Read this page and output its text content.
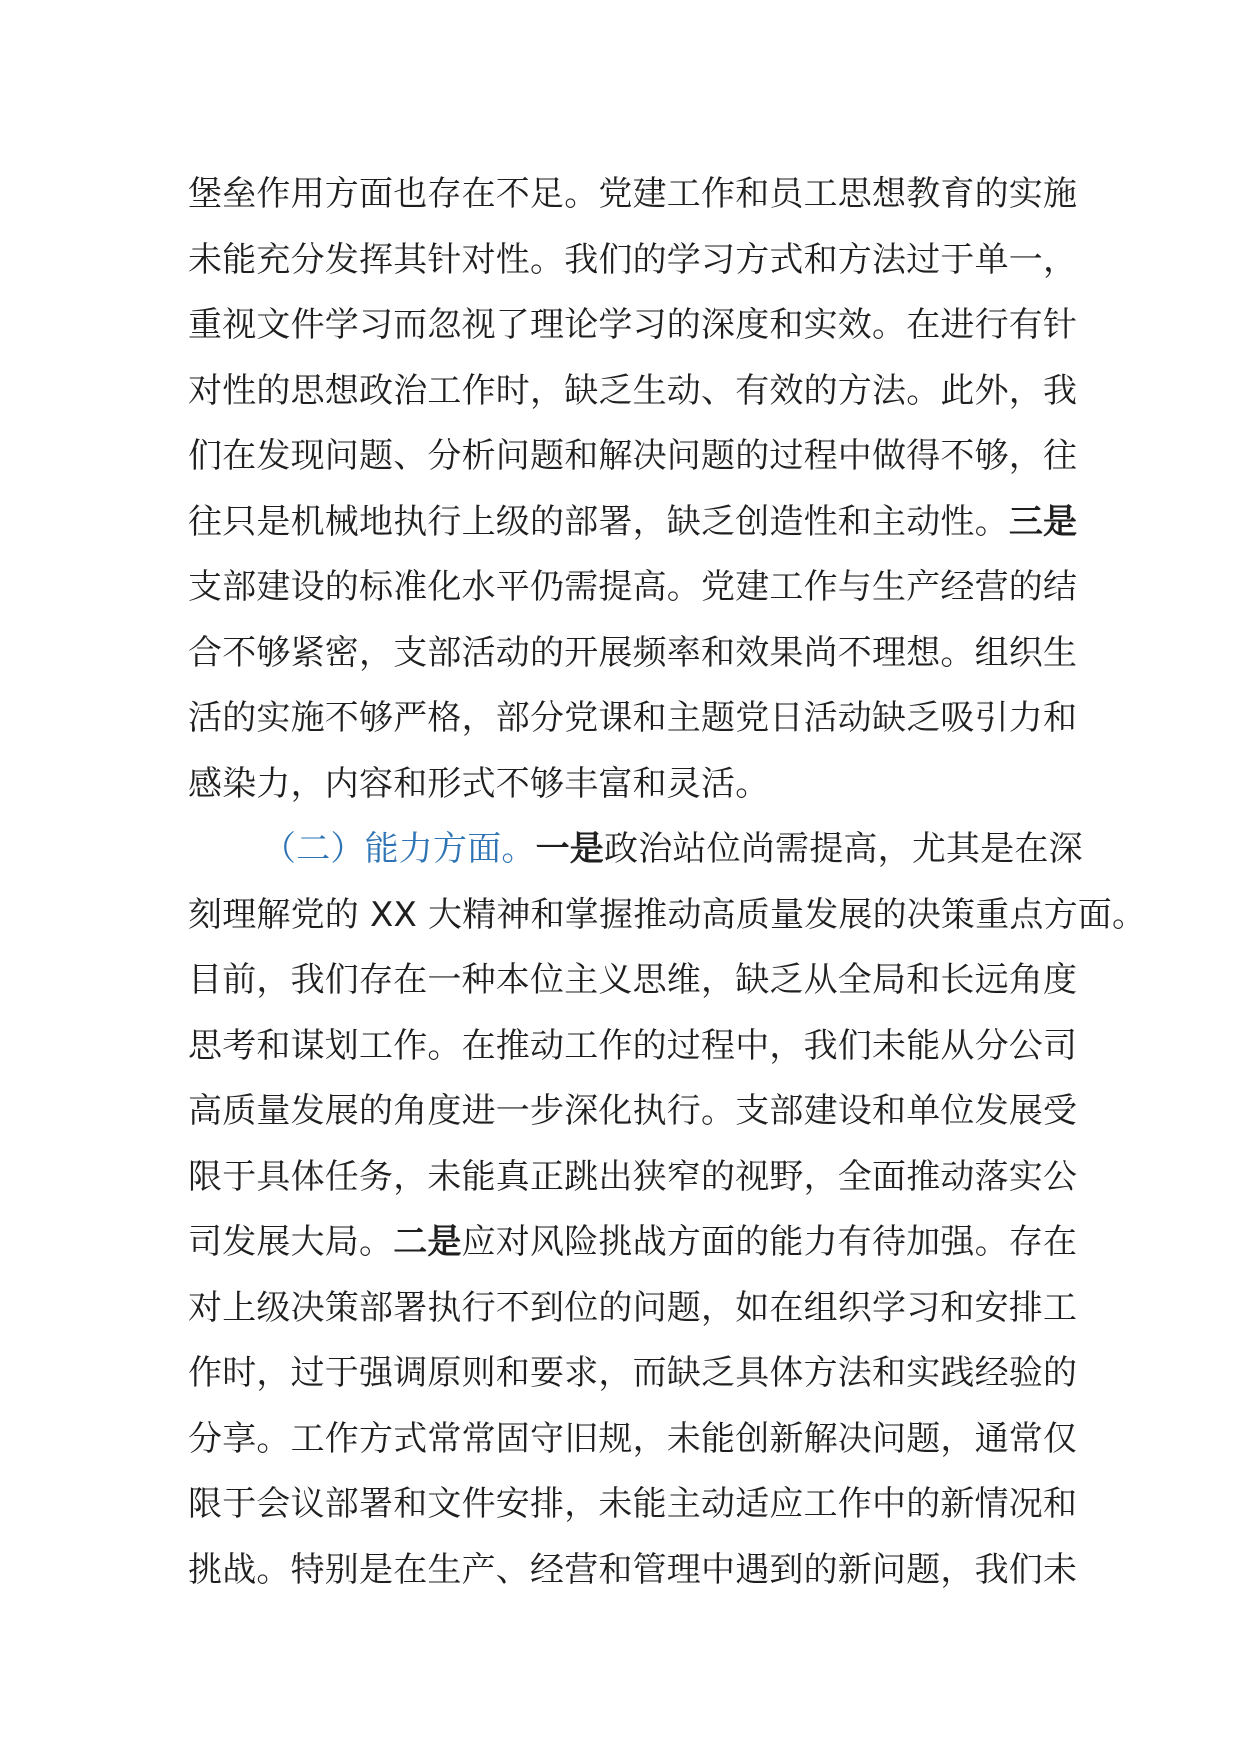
堡垒作用方面也存在不足。党建工作和员工思想教育的实施
未能充分发挥其针对性。我们的学习方式和方法过于单一，
重视文件学习而忽视了理论学习的深度和实效。在进行有针
对性的思想政治工作时，缺乏生动、有效的方法。此外，我
们在发现问题、分析问题和解决问题的过程中做得不够，往
往只是机械地执行上级的部署，缺乏创造性和主动性。三是
支部建设的标准化水平仍需提高。党建工作与生产经营的结
合不够紧密，支部活动的开展频率和效果尚不理想。组织生
活的实施不够严格，部分党课和主题党日活动缺乏吸引力和
感染力，内容和形式不够丰富和灵活。
（二）能力方面。一是政治站位尚需提高，尤其是在深
刻理解党的 XX 大精神和掌握推动高质量发展的决策重点方面。
目前，我们存在一种本位主义思维，缺乏从全局和长远角度
思考和谋划工作。在推动工作的过程中，我们未能从分公司
高质量发展的角度进一步深化执行。支部建设和单位发展受
限于具体任务，未能真正跳出狭窄的视野，全面推动落实公
司发展大局。二是应对风险挑战方面的能力有待加强。存在
对上级决策部署执行不到位的问题，如在组织学习和安排工
作时，过于强调原则和要求，而缺乏具体方法和实践经验的
分享。工作方式常常固守旧规，未能创新解决问题，通常仅
限于会议部署和文件安排，未能主动适应工作中的新情况和
挑战。特别是在生产、经营和管理中遇到的新问题，我们未
